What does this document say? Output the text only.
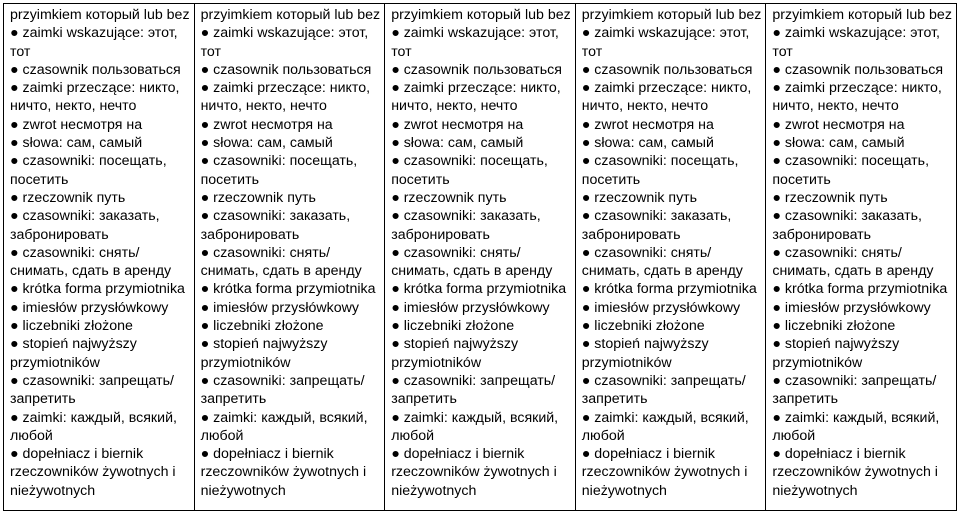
przyimkiem который lub bez
● zaimki wskazujące: этот,
тот
● czasownik пользоваться
● zaimki przeczące: никто,
ничто, некто, нечто
● zwrot несмотря на
● słowa: сам, самый
● czasowniki: посещать,
посетить
● rzeczownik путь
● czasowniki: заказать,
забронировать
● czasowniki: снять/
снимать, сдать в аренду
● krótka forma przymiotnika
● imiesłów przysłówkowy
● liczebniki złożone
● stopień najwyższy
przymiotników
● czasowniki: запрещать/
запретить
● zaimki: каждый, всякий,
любой
● dopełniacz i biernik
rzeczowników żywotnych i
nieżywotnych

przyimkiem который lub bez
● zaimki wskazujące: этот,
тот
● czasownik пользоваться
● zaimki przeczące: никто,
ничто, некто, нечто
● zwrot несмотря на
● słowa: сам, самый
● czasowniki: посещать,
посетить
● rzeczownik путь
● czasowniki: заказать,
забронировать
● czasowniki: снять/
снимать, сдать в аренду
● krótka forma przymiotnika
● imiesłów przysłówkowy
● liczebniki złożone
● stopień najwyższy
przymiotników
● czasowniki: запрещать/
запретить
● zaimki: каждый, всякий,
любой
● dopełniacz i biernik
rzeczowników żywotnych i
nieżywotnych

przyimkiem который lub bez
● zaimki wskazujące: этот,
тот
● czasownik пользоваться
● zaimki przeczące: никто,
ничто, некто, нечто
● zwrot несмотря на
● słowa: сам, самый
● czasowniki: посещать,
посетить
● rzeczownik путь
● czasowniki: заказать,
забронировать
● czasowniki: снять/
снимать, сдать в аренду
● krótka forma przymiotnika
● imiesłów przysłówkowy
● liczebniki złożone
● stopień najwyższy
przymiotników
● czasowniki: запрещать/
запретить
● zaimki: каждый, всякий,
любой
● dopełniacz i biernik
rzeczowników żywotnych i
nieżywotnych

przyimkiem который lub bez
● zaimki wskazujące: этот,
тот
● czasownik пользоваться
● zaimki przeczące: никто,
ничто, некто, нечто
● zwrot несмотря на
● słowa: сам, самый
● czasowniki: посещать,
посетить
● rzeczownik путь
● czasowniki: заказать,
забронировать
● czasowniki: снять/
снимать, сдать в аренду
● krótka forma przymiotnika
● imiesłów przysłówkowy
● liczebniki złożone
● stopień najwyższy
przymiotników
● czasowniki: запрещать/
запретить
● zaimki: каждый, всякий,
любой
● dopełniacz i biernik
rzeczowników żywotnych i
nieżywotnych

przyimkiem который lub bez
● zaimki wskazujące: этот,
тот
● czasownik пользоваться
● zaimki przeczące: никто,
ничто, некто, нечто
● zwrot несмотря на
● słowa: сам, самый
● czasowniki: посещать,
посетить
● rzeczownik путь
● czasowniki: заказать,
забронировать
● czasowniki: снять/
снимать, сдать в аренду
● krótka forma przymiotnika
● imiesłów przysłówkowy
● liczebniki złożone
● stopień najwyższy
przymiotników
● czasowniki: запрещать/
запретить
● zaimki: каждый, всякий,
любой
● dopełniacz i biernik
rzeczowników żywotnych i
nieżywotnych
